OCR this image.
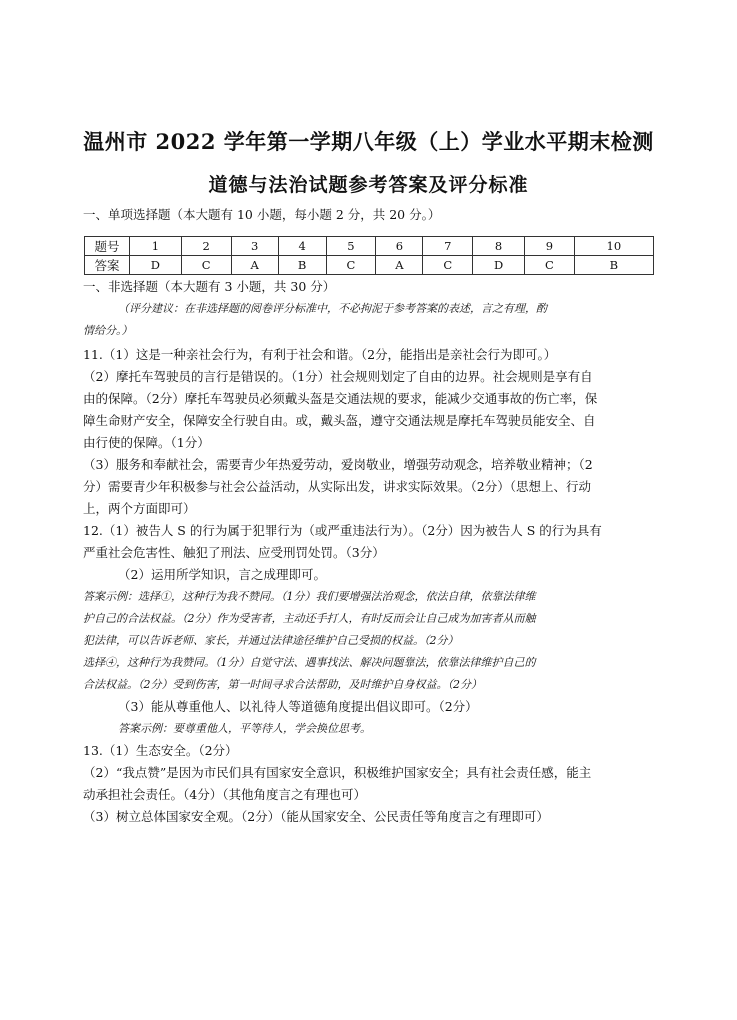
温州市 2022 学年第一学期八年级（上）学业水平期末检测
道德与法治试题参考答案及评分标准
一、单项选择题（本大题有 10 小题，每小题 2 分，共 20 分。）
题号	1	2	3	4	5	6	7	8	9	10
答案	D	C	A	B	C	A	C	D	C	B
一、非选择题（本大题有 3 小题，共 30 分）
（评分建议：在非选择题的阅卷评分标准中，不必拘泥于参考答案的表述，言之有理，酌
情给分。）
11.（1）这是一种亲社会行为，有利于社会和谐。（2分，能指出是亲社会行为即可。）
（2）摩托车驾驶员的言行是错误的。（1分）社会规则划定了自由的边界。社会规则是享有自
由的保障。（2分）摩托车驾驶员必须戴头盔是交通法规的要求，能减少交通事故的伤亡率，保
障生命财产安全，保障安全行驶自由。或，戴头盔，遵守交通法规是摩托车驾驶员能安全、自
由行使的保障。（1分）
（3）服务和奉献社会，需要青少年热爱劳动，爱岗敬业，增强劳动观念，培养敬业精神；（2
分）需要青少年积极参与社会公益活动，从实际出发，讲求实际效果。（2分）（思想上、行动
上，两个方面即可）
12.（1）被告人 S 的行为属于犯罪行为（或严重违法行为）。（2分）因为被告人 S 的行为具有
严重社会危害性、触犯了刑法、应受刑罚处罚。（3分）
（2）运用所学知识，言之成理即可。
答案示例：选择①，这种行为我不赞同。（1分）我们要增强法治观念，依法自律，依靠法律维
护自己的合法权益。（2分）作为受害者，主动还手打人，有时反而会让自己成为加害者从而触
犯法律，可以告诉老师、家长，并通过法律途径维护自己受损的权益。（2分）
选择④，这种行为我赞同。（1分）自觉守法、遇事找法、解决问题靠法，依靠法律维护自己的
合法权益。（2分）受到伤害，第一时间寻求合法帮助，及时维护自身权益。（2分）
（3）能从尊重他人、以礼待人等道德角度提出倡议即可。（2分）
答案示例：要尊重他人，平等待人，学会换位思考。
13.（1）生态安全。（2分）
（2）“我点赞”是因为市民们具有国家安全意识，积极维护国家安全；具有社会责任感，能主
动承担社会责任。（4分）（其他角度言之有理也可）
（3）树立总体国家安全观。（2分）（能从国家安全、公民责任等角度言之有理即可）
